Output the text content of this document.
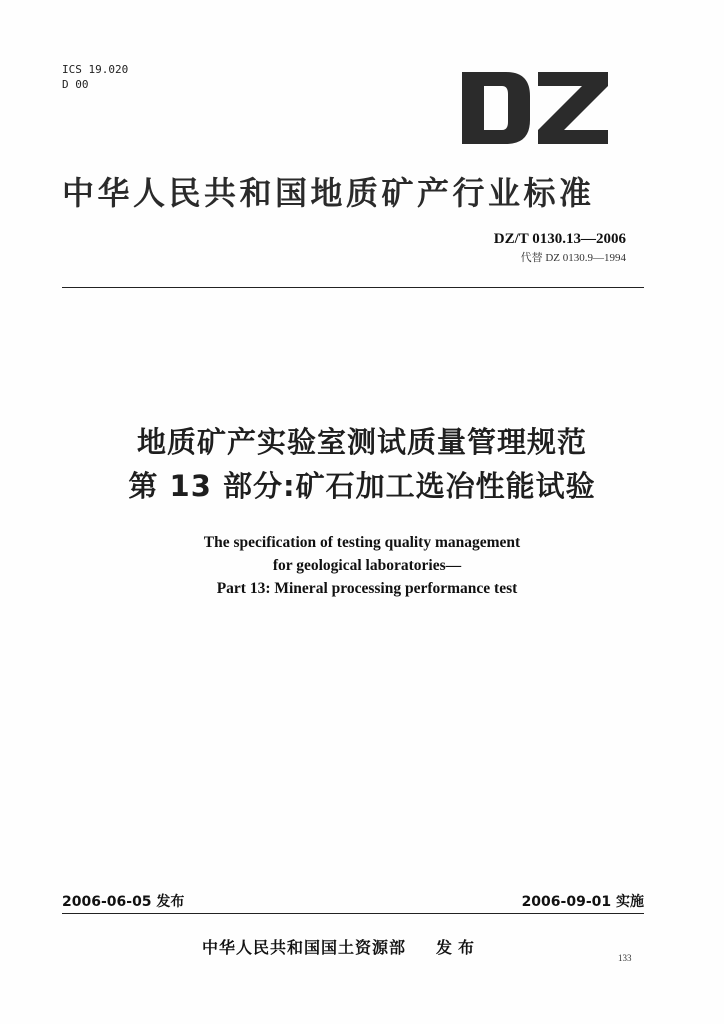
ICS 19.020
D 00
中华人民共和国地质矿产行业标准
DZ/T 0130.13—2006
代替 DZ 0130.9—1994
地质矿产实验室测试质量管理规范
第 13 部分:矿石加工选冶性能试验
The specification of testing quality management
for geological laboratories—
Part 13: Mineral processing performance test
2006-06-05 发布	2006-09-01 实施
中华人民共和国国土资源部 发布
133
